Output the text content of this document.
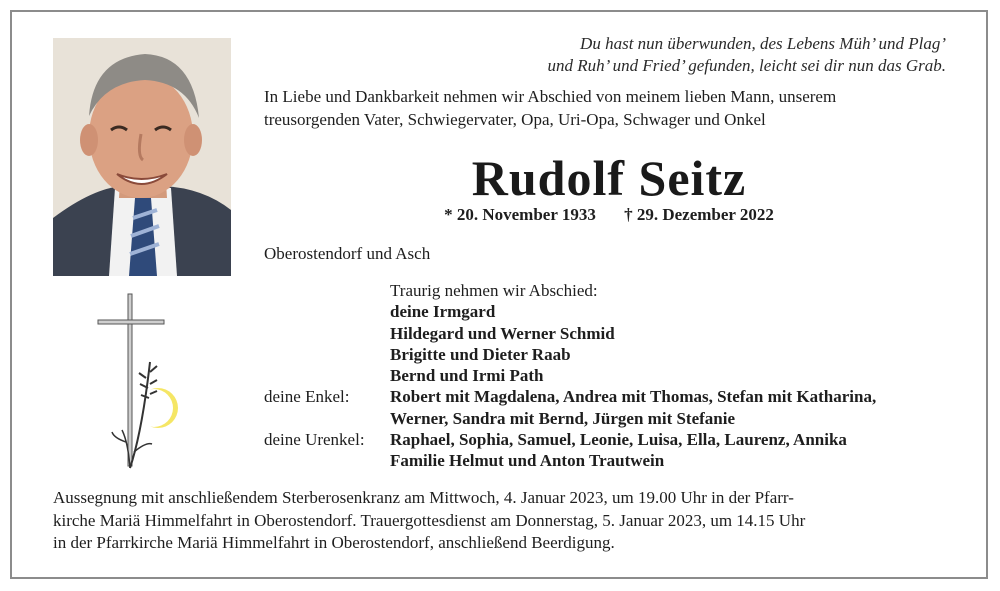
Du hast nun überwunden, des Lebens Müh’ und Plag’
und Ruh’ und Fried’ gefunden, leicht sei dir nun das Grab.
In Liebe und Dankbarkeit nehmen wir Abschied von meinem lieben Mann, unserem
treusorgenden Vater, Schwiegervater, Opa, Uri-Opa, Schwager und Onkel
Rudolf Seitz
* 20. November 1933 † 29. Dezember 2022
Oberostendorf und Asch
Traurig nehmen wir Abschied:
deine Irmgard
Hildegard und Werner Schmid
Brigitte und Dieter Raab
Bernd und Irmi Path
deine Enkel:	Robert mit Magdalena, Andrea mit Thomas, Stefan mit Katharina,
Werner, Sandra mit Bernd, Jürgen mit Stefanie
deine Urenkel:	Raphael, Sophia, Samuel, Leonie, Luisa, Ella, Laurenz, Annika
Familie Helmut und Anton Trautwein
Aussegnung mit anschließendem Sterberosenkranz am Mittwoch, 4. Januar 2023, um 19.00 Uhr in der Pfarr-
kirche Mariä Himmelfahrt in Oberostendorf. Trauergottesdienst am Donnerstag, 5. Januar 2023, um 14.15 Uhr
in der Pfarrkirche Mariä Himmelfahrt in Oberostendorf, anschließend Beerdigung.
